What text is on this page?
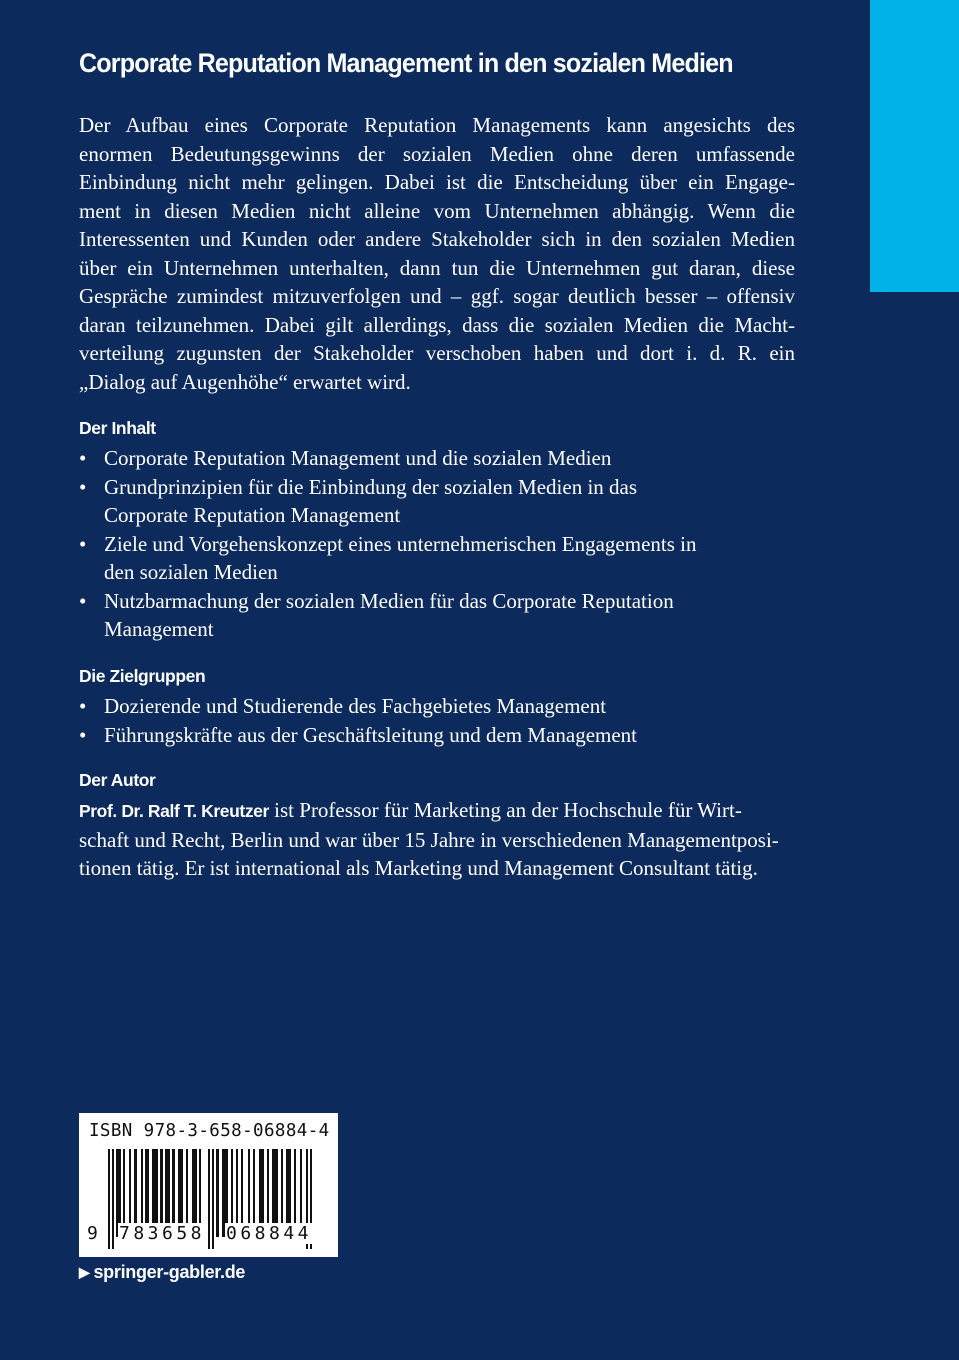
Corporate Reputation Management in den sozialen Medien
Der Aufbau eines Corporate Reputation Managements kann angesichts des
enormen Bedeutungsgewinns der sozialen Medien ohne deren umfassende
Einbindung nicht mehr gelingen. Dabei ist die Entscheidung über ein Engage-
ment in diesen Medien nicht alleine vom Unternehmen abhängig. Wenn die
Interessenten und Kunden oder andere Stakeholder sich in den sozialen Medien
über ein Unternehmen unterhalten, dann tun die Unternehmen gut daran, diese
Gespräche zumindest mitzuverfolgen und – ggf. sogar deutlich besser – offensiv
daran teilzunehmen. Dabei gilt allerdings, dass die sozialen Medien die Macht-
verteilung zugunsten der Stakeholder verschoben haben und dort i. d. R. ein
„Dialog auf Augenhöhe“ erwartet wird.
Der Inhalt
• Corporate Reputation Management und die sozialen Medien
• Grundprinzipien für die Einbindung der sozialen Medien in das
Corporate Reputation Management
• Ziele und Vorgehenskonzept eines unternehmerischen Engagements in
den sozialen Medien
• Nutzbarmachung der sozialen Medien für das Corporate Reputation
Management
Die Zielgruppen
• Dozierende und Studierende des Fachgebietes Management
• Führungskräfte aus der Geschäftsleitung und dem Management
Der Autor
Prof. Dr. Ralf T. Kreutzer ist Professor für Marketing an der Hochschule für Wirt-
schaft und Recht, Berlin und war über 15 Jahre in verschiedenen Managementposi-
tionen tätig. Er ist international als Marketing und Management Consultant tätig.
ISBN 978-3-658-06884-4
9 783658 068844
▶ springer-gabler.de
